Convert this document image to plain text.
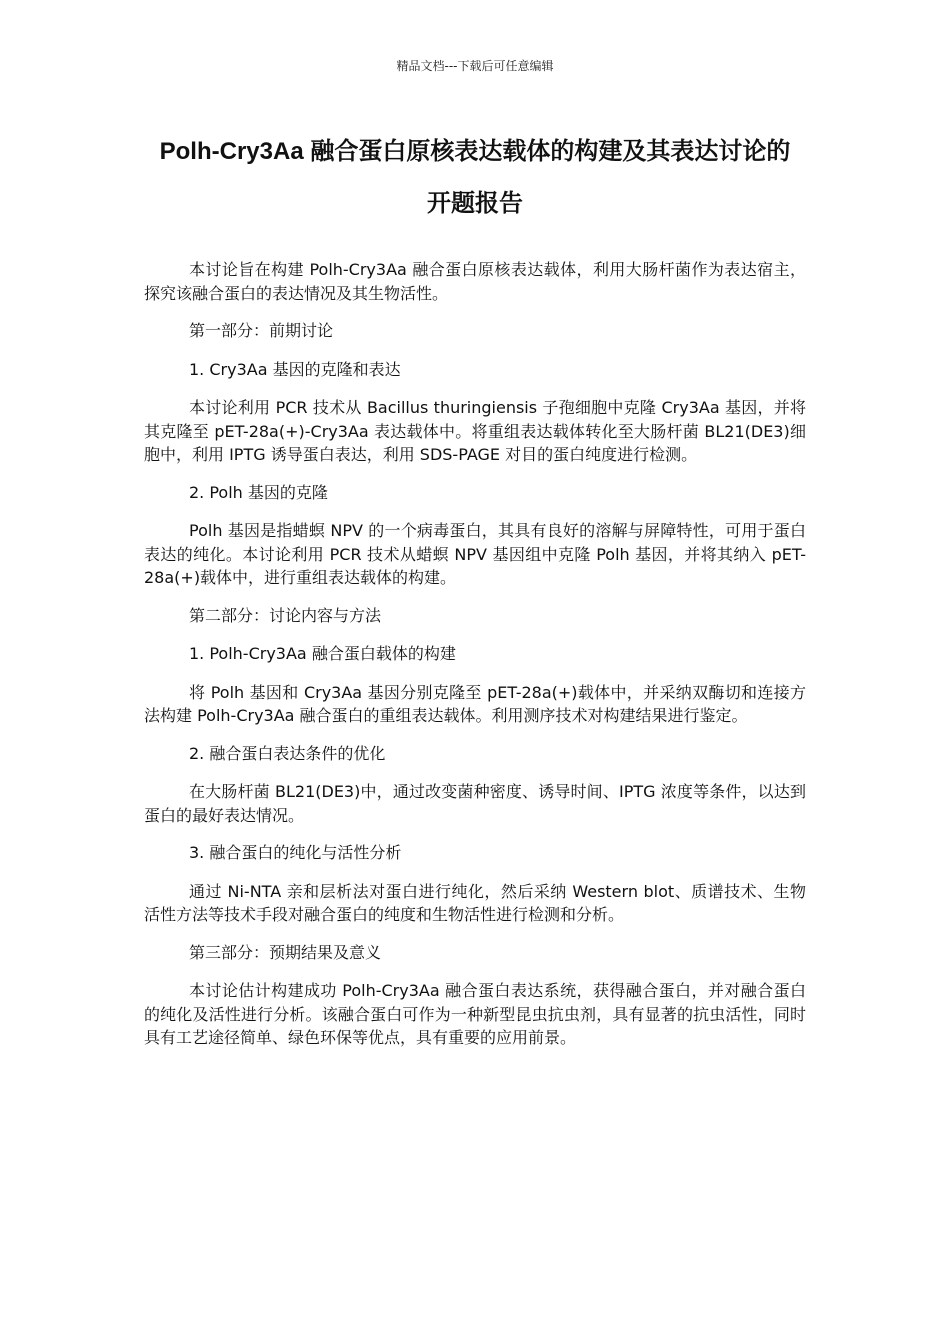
精品文档---下载后可任意编辑
Polh-Cry3Aa 融合蛋白原核表达载体的构建及其表达讨论的
开题报告

本讨论旨在构建 Polh-Cry3Aa 融合蛋白原核表达载体，利用大肠杆菌作为表达宿主，探究该融合蛋白的表达情况及其生物活性。

第一部分：前期讨论

1. Cry3Aa 基因的克隆和表达

本讨论利用 PCR 技术从 Bacillus thuringiensis 子孢细胞中克隆 Cry3Aa 基因，并将其克隆至 pET-28a(+)-Cry3Aa 表达载体中。将重组表达载体转化至大肠杆菌 BL21(DE3)细胞中，利用 IPTG 诱导蛋白表达，利用 SDS-PAGE 对目的蛋白纯度进行检测。

2. Polh 基因的克隆

Polh 基因是指蜡螟 NPV 的一个病毒蛋白，其具有良好的溶解与屏障特性，可用于蛋白表达的纯化。本讨论利用 PCR 技术从蜡螟 NPV 基因组中克隆 Polh 基因，并将其纳入 pET-28a(+)载体中，进行重组表达载体的构建。

第二部分：讨论内容与方法

1. Polh-Cry3Aa 融合蛋白载体的构建

将 Polh 基因和 Cry3Aa 基因分别克隆至 pET-28a(+)载体中，并采纳双酶切和连接方法构建 Polh-Cry3Aa 融合蛋白的重组表达载体。利用测序技术对构建结果进行鉴定。

2. 融合蛋白表达条件的优化

在大肠杆菌 BL21(DE3)中，通过改变菌种密度、诱导时间、IPTG 浓度等条件，以达到蛋白的最好表达情况。

3. 融合蛋白的纯化与活性分析

通过 Ni-NTA 亲和层析法对蛋白进行纯化，然后采纳 Western blot、质谱技术、生物活性方法等技术手段对融合蛋白的纯度和生物活性进行检测和分析。

第三部分：预期结果及意义

本讨论估计构建成功 Polh-Cry3Aa 融合蛋白表达系统，获得融合蛋白，并对融合蛋白的纯化及活性进行分析。该融合蛋白可作为一种新型昆虫抗虫剂，具有显著的抗虫活性，同时具有工艺途径简单、绿色环保等优点，具有重要的应用前景。
